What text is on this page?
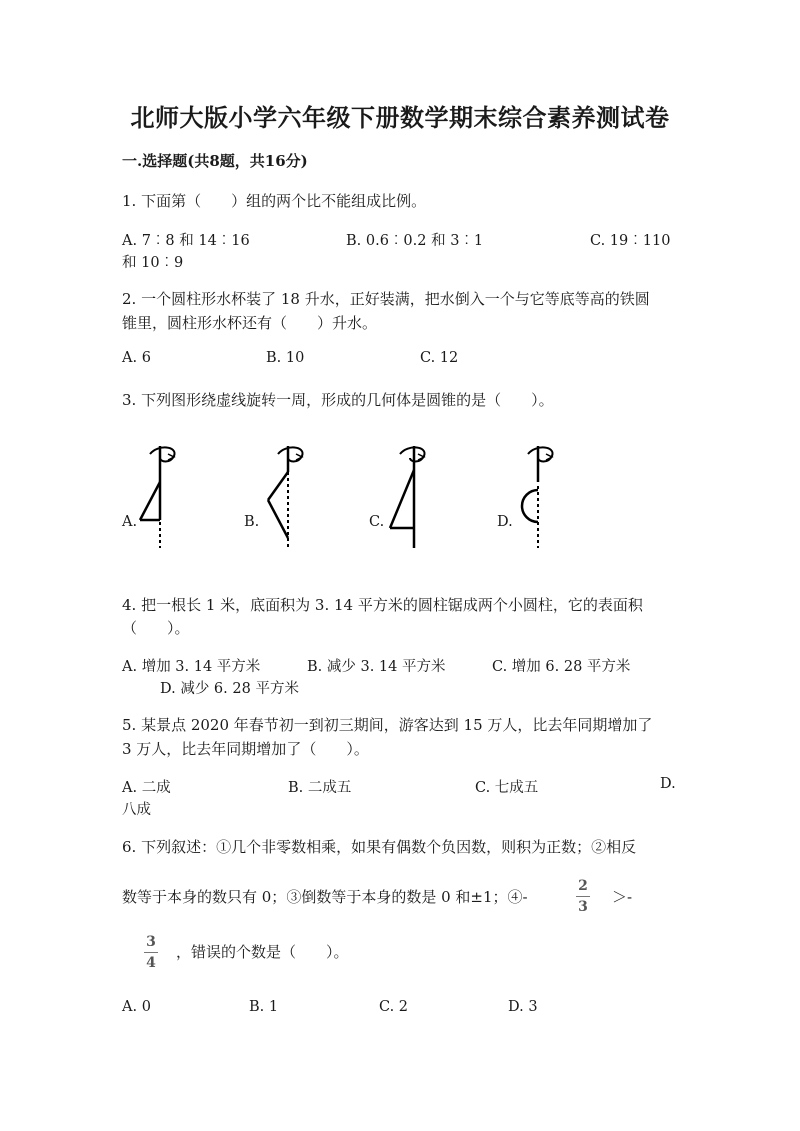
北师大版小学六年级下册数学期末综合素养测试卷
一.选择题(共8题，共16分)
1. 下面第（　　）组的两个比不能组成比例。
A. 7︰8 和 14︰16	B. 0.6︰0.2 和 3︰1	C. 19︰110
和 10︰9
2. 一个圆柱形水杯装了 18 升水，正好装满，把水倒入一个与它等底等高的铁圆
锥里，圆柱形水杯还有（　　）升水。
A. 6	B. 10	C. 12
3. 下列图形绕虚线旋转一周，形成的几何体是圆锥的是（　　）。
A.	B.	C.	D.
4. 把一根长 1 米，底面积为 3. 14 平方米的圆柱锯成两个小圆柱，它的表面积
（　　）。
A. 增加 3. 14 平方米	B. 减少 3. 14 平方米	C. 增加 6. 28 平方米
D. 减少 6. 28 平方米
5. 某景点 2020 年春节初一到初三期间，游客达到 15 万人，比去年同期增加了
3 万人，比去年同期增加了（　　）。
A. 二成	B. 二成五	C. 七成五	D.
八成
6. 下列叙述：①几个非零数相乘，如果有偶数个负因数，则积为正数；②相反
数等于本身的数只有 0；③倒数等于本身的数是 0 和±1；④-
2
3
＞-
3
4
，错误的个数是（　　）。
A. 0	B. 1	C. 2	D. 3
